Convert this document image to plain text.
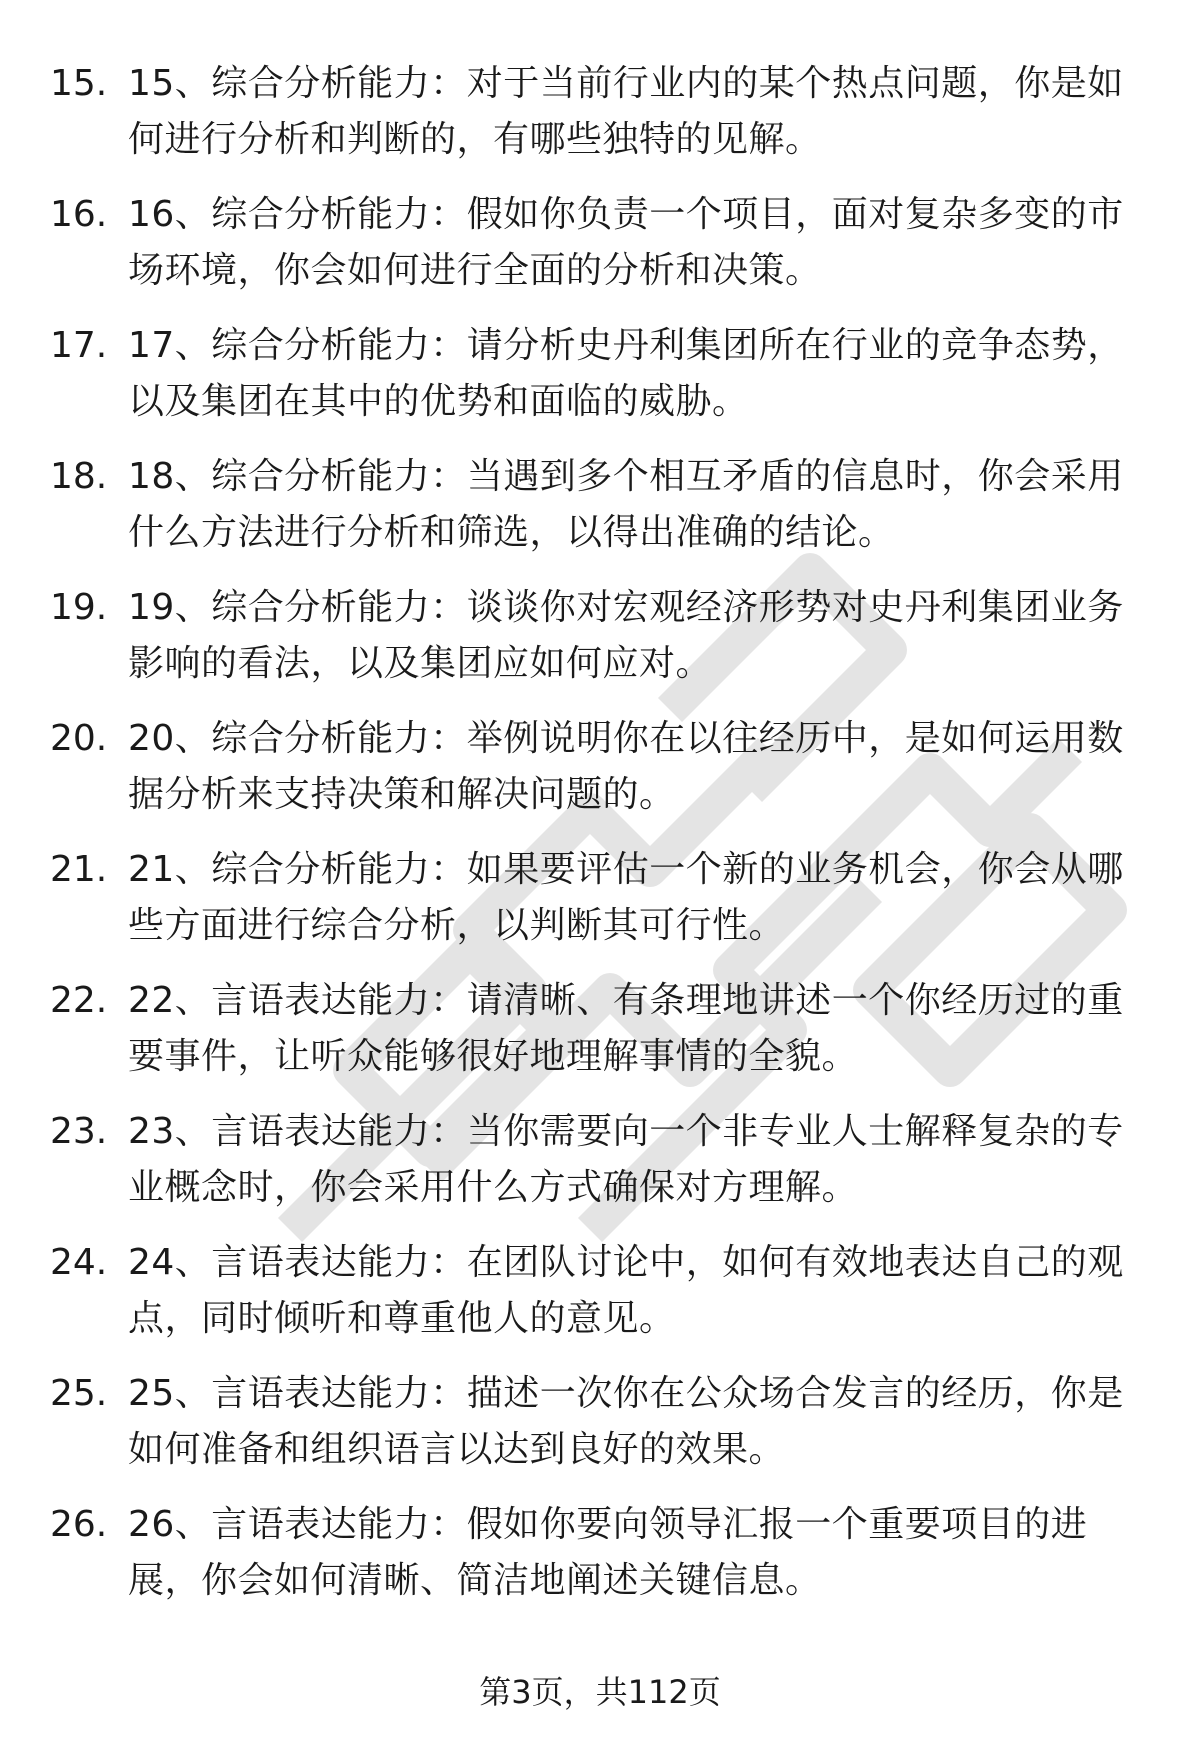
15. 15、综合分析能力：对于当前行业内的某个热点问题，你是如何进行分析和判断的，有哪些独特的见解。
16. 16、综合分析能力：假如你负责一个项目，面对复杂多变的市场环境，你会如何进行全面的分析和决策。
17. 17、综合分析能力：请分析史丹利集团所在行业的竞争态势，以及集团在其中的优势和面临的威胁。
18. 18、综合分析能力：当遇到多个相互矛盾的信息时，你会采用什么方法进行分析和筛选，以得出准确的结论。
19. 19、综合分析能力：谈谈你对宏观经济形势对史丹利集团业务影响的看法，以及集团应如何应对。
20. 20、综合分析能力：举例说明你在以往经历中，是如何运用数据分析来支持决策和解决问题的。
21. 21、综合分析能力：如果要评估一个新的业务机会，你会从哪些方面进行综合分析，以判断其可行性。
22. 22、言语表达能力：请清晰、有条理地讲述一个你经历过的重要事件，让听众能够很好地理解事情的全貌。
23. 23、言语表达能力：当你需要向一个非专业人士解释复杂的专业概念时，你会采用什么方式确保对方理解。
24. 24、言语表达能力：在团队讨论中，如何有效地表达自己的观点，同时倾听和尊重他人的意见。
25. 25、言语表达能力：描述一次你在公众场合发言的经历，你是如何准备和组织语言以达到良好的效果。
26. 26、言语表达能力：假如你要向领导汇报一个重要项目的进展，你会如何清晰、简洁地阐述关键信息。
第3页，共112页
